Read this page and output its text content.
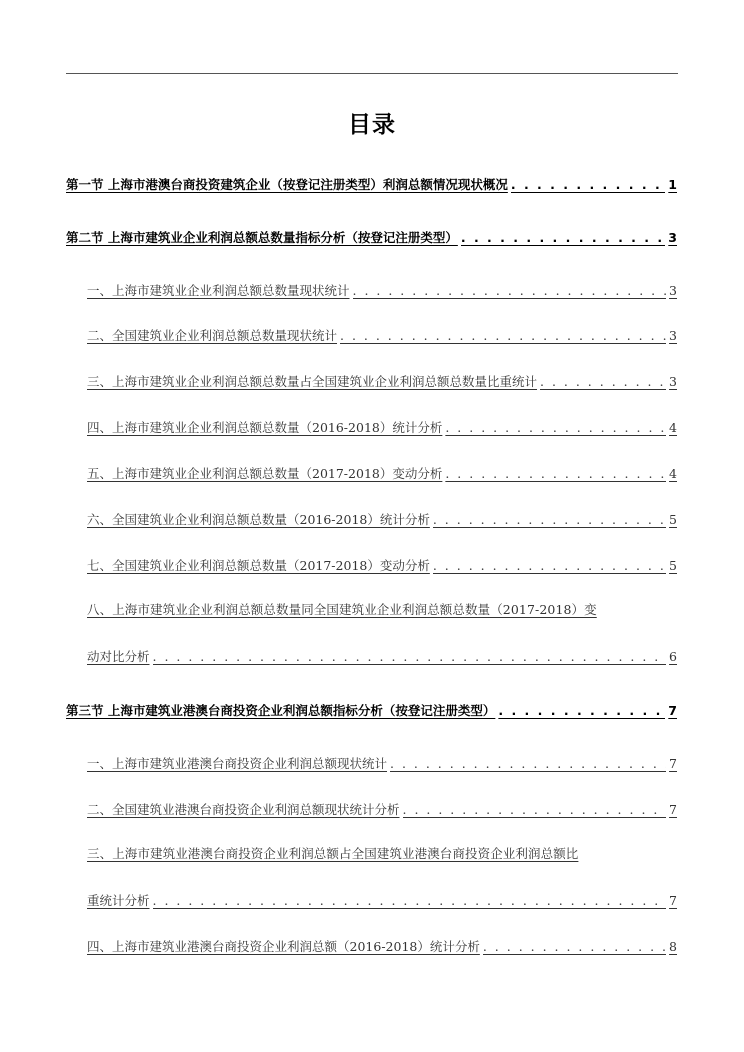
目录
第一节 上海市港澳台商投资建筑企业（按登记注册类型）利润总额情况现状概况 . . .	1
第二节 上海市建筑业企业利润总额总数量指标分析（按登记注册类型） . . .	3
一、上海市建筑业企业利润总额总数量现状统计 . . .	3
二、全国建筑业企业利润总额总数量现状统计 . . .	3
三、上海市建筑业企业利润总额总数量占全国建筑业企业利润总额总数量比重统计 . . .	3
四、上海市建筑业企业利润总额总数量（2016-2018）统计分析 . . .	4
五、上海市建筑业企业利润总额总数量（2017-2018）变动分析 . . .	4
六、全国建筑业企业利润总额总数量（2016-2018）统计分析 . . .	5
七、全国建筑业企业利润总额总数量（2017-2018）变动分析 . . .	5
八、上海市建筑业企业利润总额总数量同全国建筑业企业利润总额总数量（2017-2018）变
动对比分析 . . .	6
第三节 上海市建筑业港澳台商投资企业利润总额指标分析（按登记注册类型） . . .	7
一、上海市建筑业港澳台商投资企业利润总额现状统计 . . .	7
二、全国建筑业港澳台商投资企业利润总额现状统计分析 . . .	7
三、上海市建筑业港澳台商投资企业利润总额占全国建筑业港澳台商投资企业利润总额比
重统计分析 . . .	7
四、上海市建筑业港澳台商投资企业利润总额（2016-2018）统计分析 . . .	8
